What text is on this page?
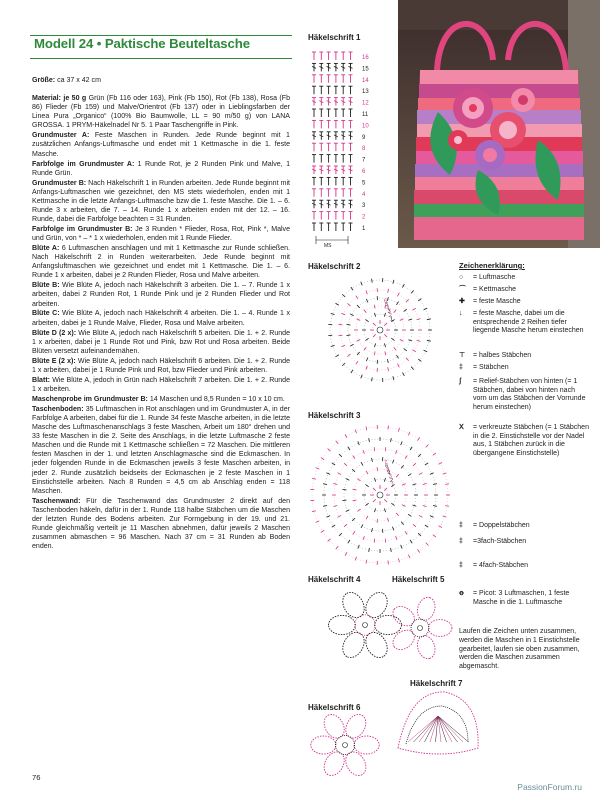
Modell 24 • Paktische Beuteltasche

Größe: ca 37 x 42 cm

Material: je 50 g Grün (Fb 116 oder 163), Pink (Fb 150), Rot (Fb 138), Rosa (Fb 86) Flieder (Fb 159) und Malve/Orientrot (Fb 137) oder in Lieblingsfarben der Linea Pura „Organico“ (100% Bio Baumwolle, LL = 90 m/50 g) von LANA GROSSA. 1 PRYM-Häkelnadel Nr 5. 1 Paar Taschengriffe in Pink.

Grundmuster A: Feste Maschen in Runden. Jede Runde beginnt mit 1 zusätzlichen Anfangs-Luftmasche und endet mit 1 Kettmasche in die 1. feste Masche.

Farbfolge im Grundmuster A: 1 Runde Rot, je 2 Runden Pink und Malve, 1 Runde Grün.

Grundmuster B: Nach Häkelschrift 1 in Runden arbeiten. Jede Runde beginnt mit Anfangs-Luftmaschen wie gezeichnet, den MS stets wiederholen, enden mit 1 Kettmasche in die letzte Anfangs-Luftmasche bzw die 1. feste Masche. Die 1. – 6. Runde 3 x arbeiten, die 7. – 14. Runde 1 x arbeiten enden mit der 12. – 16. Runde, dabei die Farbfolge beachten = 31 Runden.

Farbfolge im Grundmuster B: Je 3 Runden * Flieder, Rosa, Rot, Pink *, Malve und Grün, von * – * 1 x wiederholen, enden mit 1 Runde Flieder.

Blüte A: 6 Luftmaschen anschlagen und mit 1 Kettmasche zur Runde schließen. Nach Häkelschrift 2 in Runden weiterarbeiten. Jede Runde beginnt mit Anfangsluftmaschen wie gezeichnet und endet mit 1 Kettmasche. Die 1. – 6. Runde 1 x arbeiten, dabei je 2 Runden Flieder, Rosa und Malve arbeiten.

Blüte B: Wie Blüte A, jedoch nach Häkelschrift 3 arbeiten. Die 1. – 7. Runde 1 x arbeiten, dabei 2 Runden Rot, 1 Runde Pink und je 2 Runden Flieder und Rot arbeiten.

Blüte C: Wie Blüte A, jedoch nach Häkelschrift 4 arbeiten. Die 1. – 4. Runde 1 x arbeiten, dabei je 1 Runde Malve, Flieder, Rosa und Malve arbeiten.

Blüte D (2 x): Wie Blüte A, jedoch nach Häkelschrift 5 arbeiten. Die 1. + 2. Runde 1 x arbeiten, dabei je 1 Runde Rot und Pink, bzw Rot und Rosa arbeiten. Beide Blüten versetzt aufeinandernähen.

Blüte E (2 x): Wie Blüte A, jedoch nach Häkelschrift 6 arbeiten. Die 1. + 2. Runde 1 x arbeiten, dabei je 1 Runde Pink und Rot, bzw Flieder und Pink arbeiten.

Blatt: Wie Blüte A, jedoch in Grün nach Häkelschrift 7 arbeiten. Die 1. + 2. Runde 1 x arbeiten.

Maschenprobe im Grundmuster B: 14 Maschen und 8,5 Runden = 10 x 10 cm.

Taschenboden: 35 Luftmaschen in Rot anschlagen und im Grundmuster A, in der Farbfolge A arbeiten, dabei für die 1. Runde 34 feste Masche arbeiten, in die letzte Masche des Luftmaschenanschlags 3 feste Maschen, Arbeit um 180° drehen und 33 feste Maschen in die 2. Seite des Anschlags, in die letzte Luftmasche 2 feste Maschen und die Runde mit 1 Kettmasche schließen = 72 Maschen. Die mittleren festen Maschen in der 1. und letzten Anschlagmasche sind die Eckmaschen. In jeder folgenden Runde in die Eckmaschen jeweils 3 feste Maschen arbeiten, in jeder 2. Runde zusätzlich beidseits der Eckmaschen je 2 feste Maschen in 1 Einstichstelle arbeiten. Nach 8 Runden = 4,5 cm ab Anschlag enden = 118 Maschen.

Taschenwand: Für die Taschenwand das Grundmuster 2 direkt auf den Taschenboden häkeln, dafür in der 1. Runde 118 halbe Stäbchen um die Maschen der letzten Runde des Bodens arbeiten. Zur Formgebung in der 19. und 21. Runde gleichmäßig verteilt je 11 Maschen abnehmen, dafür jeweils 2 Maschen zusammen abmaschen = 96 Maschen. Nach 37 cm = 31 Runden ab Boden enden.

16
15
14
13
12
11
10
9
8
7
6
5
4
3
2
1
6
5
4
3
2
1
7
6
5
4
3
2
1
Häkelschrift 1
Häkelschrift 2
Häkelschrift 3
Häkelschrift 4	Häkelschrift 5
Häkelschrift 6
Häkelschrift 7
MS
Zeichenerklärung:
○	= Luftmasche
⌒	= Kettmasche
✚	= feste Masche
↓	= feste Masche, dabei um die entsprechende 2 Reihen tiefer liegende Masche herum einstechen
⊤	= halbes Stäbchen
‡	= Stäbchen
ʃ	= Relief-Stäbchen von hinten (= 1 Stäbchen, dabei von hinten nach vorn um das Stäbchen der Vorrunde herum einstechen)
Ⅹ	= verkreuzte Stäbchen (= 1 Stäbchen in die 2. Einstichstelle vor der Nadel aus, 1 Stäbchen zurück in die übergangene Einstichstelle)
‡	= Doppelstäbchen
‡	=3fach-Stäbchen
‡	= 4fach-Stäbchen
ꝋ	= Picot: 3 Luftmaschen, 1 feste Masche in die 1. Luftmasche
Laufen die Zeichen unten zusammen, werden die Maschen in 1 Einstichstelle gearbeitet, laufen sie oben zusammen, werden die Maschen zusammen abgemascht.
76
PassionForum.ru
